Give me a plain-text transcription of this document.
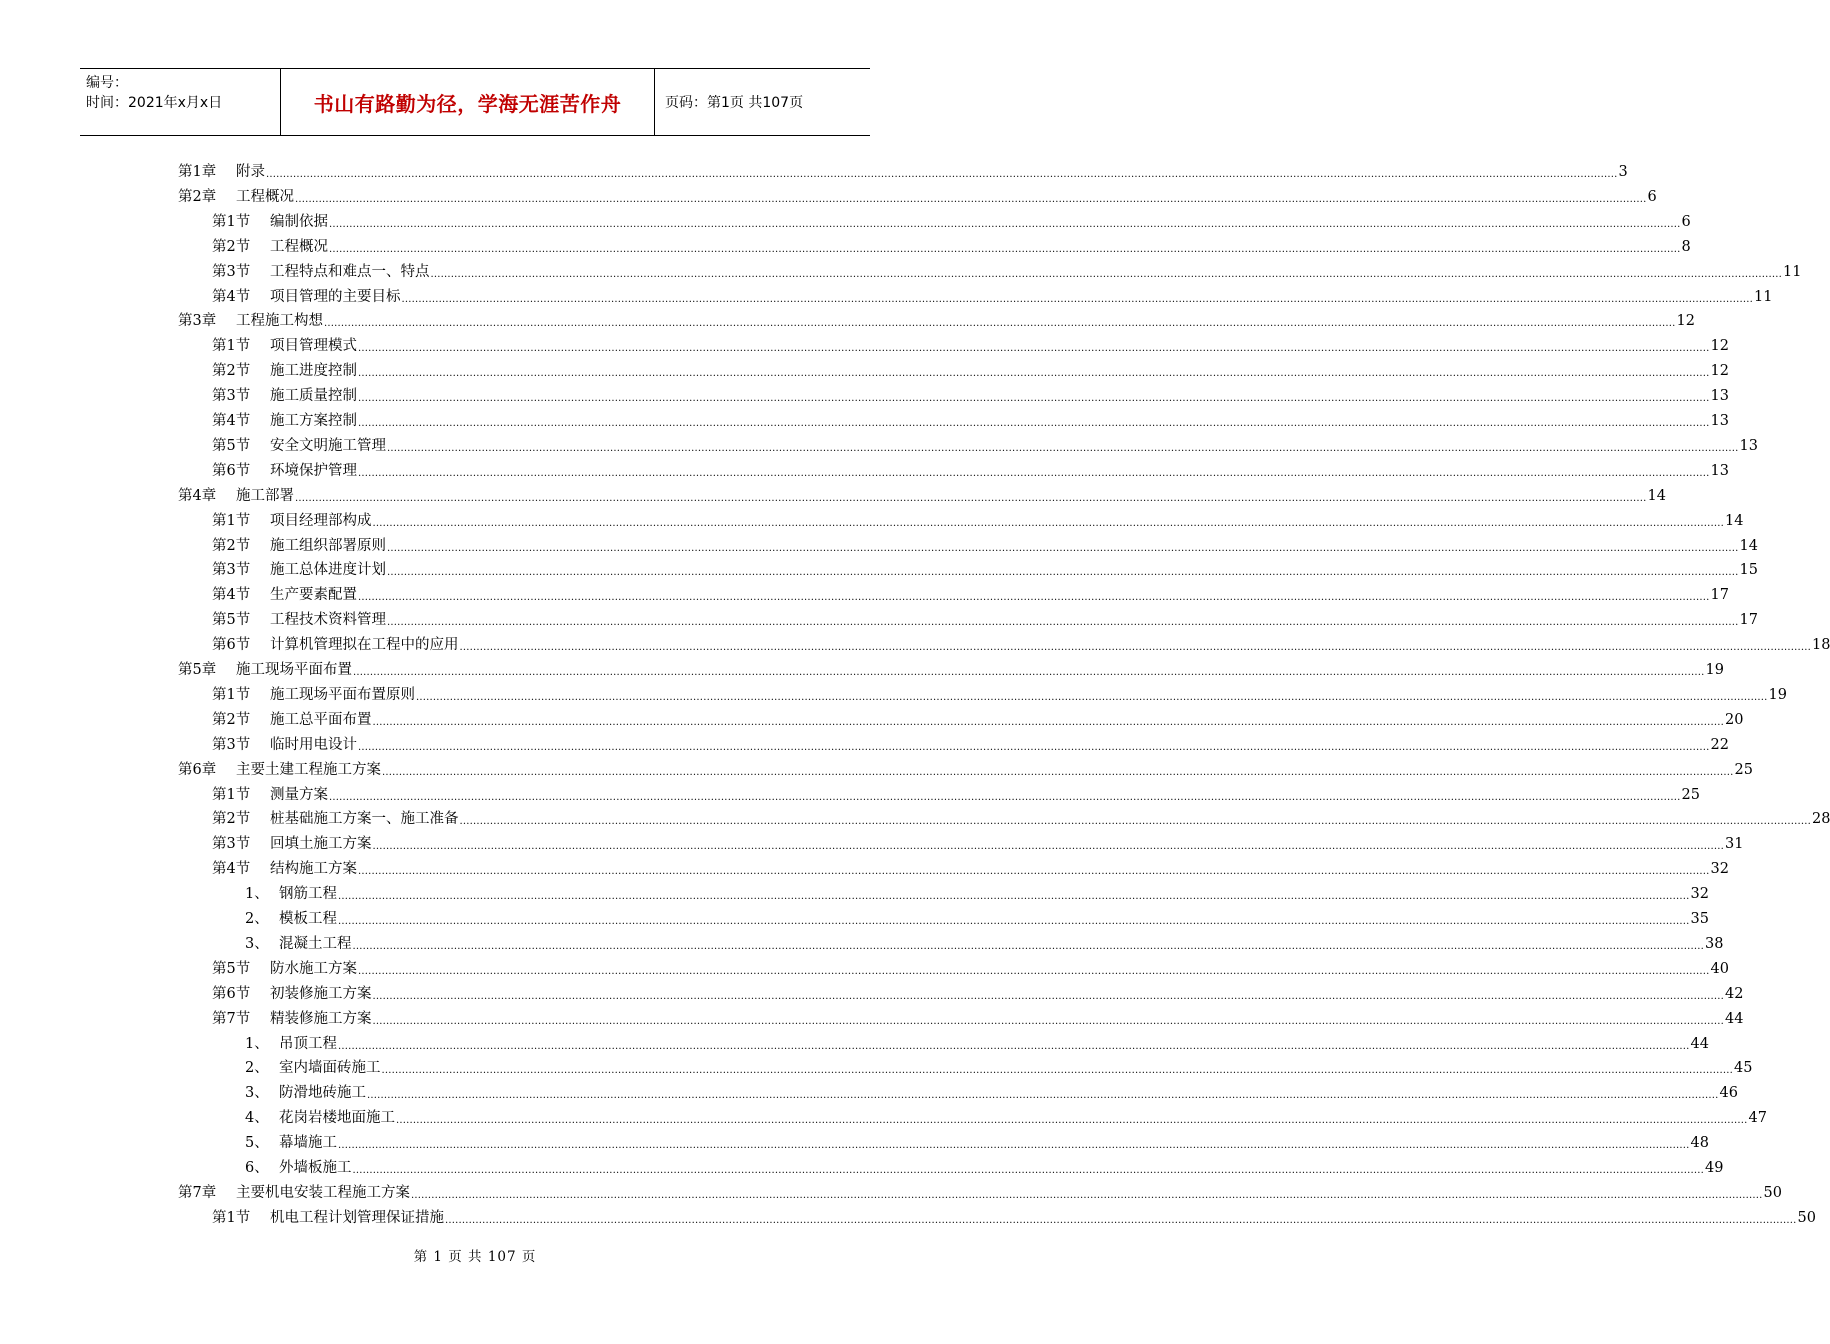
编号：
时间：2021年x月x日	书山有路勤为径，学海无涯苦作舟	页码：第1页 共107页
第1章	附录 ................................................................................................................................................................................................................................................................................................................................................................................................................ 3
第2章	工程概况 ................................................................................................................................................................................................................................................................................................................................................................................................................ 6
第1节	编制依据 ................................................................................................................................................................................................................................................................................................................................................................................................................ 6
第2节	工程概况 ................................................................................................................................................................................................................................................................................................................................................................................................................ 8
第3节	工程特点和难点一、特点 ................................................................................................................................................................................................................................................................................................................................................................................................................ 11
第4节	项目管理的主要目标 ................................................................................................................................................................................................................................................................................................................................................................................................................ 11
第3章	工程施工构想 ................................................................................................................................................................................................................................................................................................................................................................................................................ 12
第1节	项目管理模式 ................................................................................................................................................................................................................................................................................................................................................................................................................ 12
第2节	施工进度控制 ................................................................................................................................................................................................................................................................................................................................................................................................................ 12
第3节	施工质量控制 ................................................................................................................................................................................................................................................................................................................................................................................................................ 13
第4节	施工方案控制 ................................................................................................................................................................................................................................................................................................................................................................................................................ 13
第5节	安全文明施工管理 ................................................................................................................................................................................................................................................................................................................................................................................................................ 13
第6节	环境保护管理 ................................................................................................................................................................................................................................................................................................................................................................................................................ 13
第4章	施工部署 ................................................................................................................................................................................................................................................................................................................................................................................................................ 14
第1节	项目经理部构成 ................................................................................................................................................................................................................................................................................................................................................................................................................ 14
第2节	施工组织部署原则 ................................................................................................................................................................................................................................................................................................................................................................................................................ 14
第3节	施工总体进度计划 ................................................................................................................................................................................................................................................................................................................................................................................................................ 15
第4节	生产要素配置 ................................................................................................................................................................................................................................................................................................................................................................................................................ 17
第5节	工程技术资料管理 ................................................................................................................................................................................................................................................................................................................................................................................................................ 17
第6节	计算机管理拟在工程中的应用 ................................................................................................................................................................................................................................................................................................................................................................................................................ 18
第5章	施工现场平面布置 ................................................................................................................................................................................................................................................................................................................................................................................................................ 19
第1节	施工现场平面布置原则 ................................................................................................................................................................................................................................................................................................................................................................................................................ 19
第2节	施工总平面布置 ................................................................................................................................................................................................................................................................................................................................................................................................................ 20
第3节	临时用电设计 ................................................................................................................................................................................................................................................................................................................................................................................................................ 22
第6章	主要土建工程施工方案 ................................................................................................................................................................................................................................................................................................................................................................................................................ 25
第1节	测量方案 ................................................................................................................................................................................................................................................................................................................................................................................................................ 25
第2节	桩基础施工方案一、施工准备 ................................................................................................................................................................................................................................................................................................................................................................................................................ 28
第3节	回填土施工方案 ................................................................................................................................................................................................................................................................................................................................................................................................................ 31
第4节	结构施工方案 ................................................................................................................................................................................................................................................................................................................................................................................................................ 32
1、 钢筋工程 ................................................................................................................................................................................................................................................................................................................................................................................................................ 32
2、 模板工程 ................................................................................................................................................................................................................................................................................................................................................................................................................ 35
3、 混凝土工程 ................................................................................................................................................................................................................................................................................................................................................................................................................ 38
第5节	防水施工方案 ................................................................................................................................................................................................................................................................................................................................................................................................................ 40
第6节	初装修施工方案 ................................................................................................................................................................................................................................................................................................................................................................................................................ 42
第7节	精装修施工方案 ................................................................................................................................................................................................................................................................................................................................................................................................................ 44
1、 吊顶工程 ................................................................................................................................................................................................................................................................................................................................................................................................................ 44
2、 室内墙面砖施工 ................................................................................................................................................................................................................................................................................................................................................................................................................ 45
3、 防滑地砖施工 ................................................................................................................................................................................................................................................................................................................................................................................................................ 46
4、 花岗岩楼地面施工 ................................................................................................................................................................................................................................................................................................................................................................................................................ 47
5、 幕墙施工 ................................................................................................................................................................................................................................................................................................................................................................................................................ 48
6、 外墙板施工 ................................................................................................................................................................................................................................................................................................................................................................................................................ 49
第7章	主要机电安装工程施工方案 ................................................................................................................................................................................................................................................................................................................................................................................................................ 50
第1节	机电工程计划管理保证措施 ................................................................................................................................................................................................................................................................................................................................................................................................................ 50
第 1 页 共 107 页
